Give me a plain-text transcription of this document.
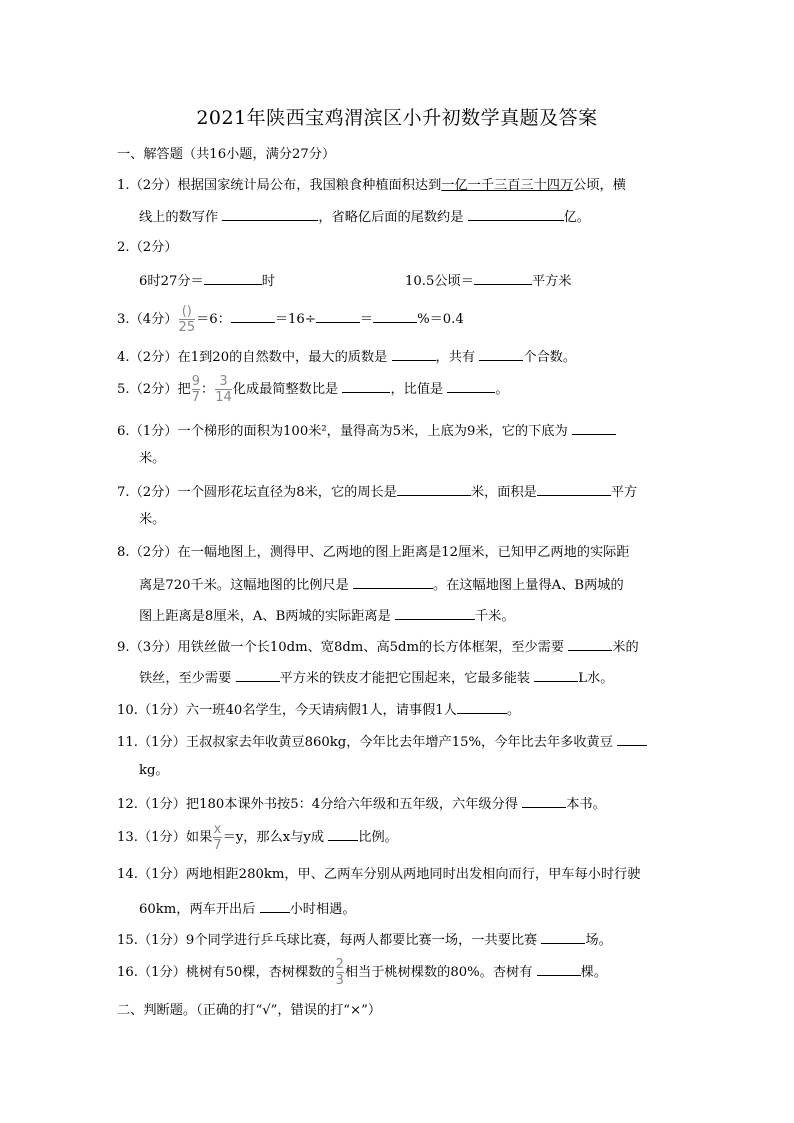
2021年陕西宝鸡渭滨区小升初数学真题及答案
一、解答题（共16小题，满分27分）
1.（2分）根据国家统计局公布，我国粮食种植面积达到一亿一千三百三十四万公顷，横
线上的数写作	，省略亿后面的尾数约是	亿。
2.（2分）
6时27分＝	时	10.5公顷＝	平方米
3.（4分） $\frac{()}{25} =6$：	＝16÷	＝	%＝0.4
4.（2分）在1到20的自然数中，最大的质数是	，共有	个合数。
5.（2分）把 $\frac{9}{7}$ ： $\frac{3}{14}$ 化成最简整数比是	，比值是	。
6.（1分）一个梯形的面积为100米²，量得高为5米，上底为9米，它的下底为
米。
7.（2分）一个圆形花坛直径为8米，它的周长是	米，面积是	平方
米。
8.（2分）在一幅地图上，测得甲、乙两地的图上距离是12厘米，已知甲乙两地的实际距
离是720千米。这幅地图的比例尺是	。在这幅地图上量得A、B两城的
图上距离是8厘米，A、B两城的实际距离是	千米。
9.（3分）用铁丝做一个长10dm、宽8dm、高5dm的长方体框架，至少需要	米的
铁丝，至少需要	平方米的铁皮才能把它围起来，它最多能装	L水。
10.（1分）六一班40名学生，今天请病假1人，请事假1人	。
11.（1分）王叔叔家去年收黄豆860kg，今年比去年增产15%，今年比去年多收黄豆
kg。
12.（1分）把180本课外书按5：4分给六年级和五年级，六年级分得	本书。
13.（1分）如果 $\frac{x}{7} =y$，那么x与y成	比例。
14.（1分）两地相距280km，甲、乙两车分别从两地同时出发相向而行，甲车每小时行驶
60km，两车开出后	小时相遇。
15.（1分）9个同学进行乒乓球比赛，每两人都要比赛一场，一共要比赛	场。
16.（1分）桃树有50棵，杏树棵数的 $\frac{2}{3}$ 相当于桃树棵数的80%。杏树有	棵。
二、判断题。（正确的打“√”，错误的打“×”）
